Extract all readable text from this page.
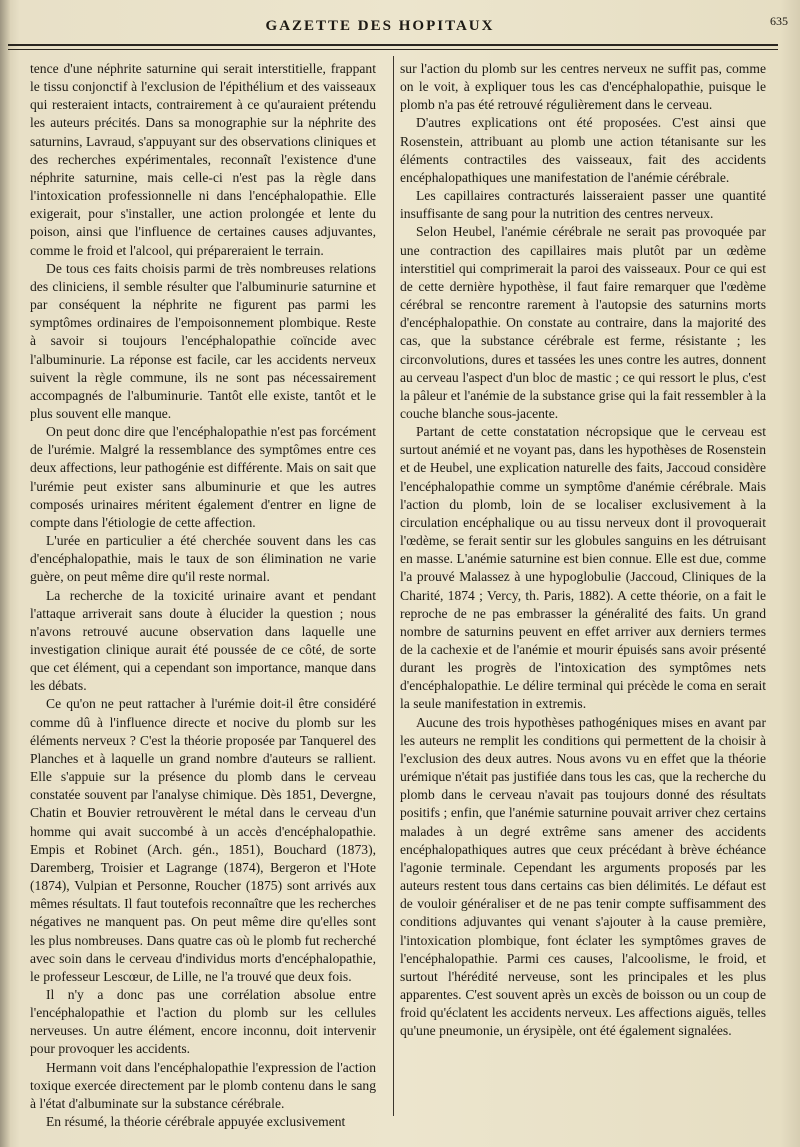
GAZETTE DES HOPITAUX	635

tence d'une néphrite saturnine qui serait interstitielle, frappant le tissu conjonctif à l'exclusion de l'épithélium et des vaisseaux qui resteraient intacts, contrairement à ce qu'auraient prétendu les auteurs précités. Dans sa monographie sur la néphrite des saturnins, Lavraud, s'appuyant sur des observations cliniques et des recherches expérimentales, reconnaît l'existence d'une néphrite saturnine, mais celle-ci n'est pas la règle dans l'intoxication professionnelle ni dans l'encéphalopathie. Elle exigerait, pour s'installer, une action prolongée et lente du poison, ainsi que l'influence de certaines causes adjuvantes, comme le froid et l'alcool, qui prépareraient le terrain.

De tous ces faits choisis parmi de très nombreuses relations des cliniciens, il semble résulter que l'albuminurie saturnine et par conséquent la néphrite ne figurent pas parmi les symptômes ordinaires de l'empoisonnement plombique. Reste à savoir si toujours l'encéphalopathie coïncide avec l'albuminurie. La réponse est facile, car les accidents nerveux suivent la règle commune, ils ne sont pas nécessairement accompagnés de l'albuminurie. Tantôt elle existe, tantôt et le plus souvent elle manque.

On peut donc dire que l'encéphalopathie n'est pas forcément de l'urémie. Malgré la ressemblance des symptômes entre ces deux affections, leur pathogénie est différente. Mais on sait que l'urémie peut exister sans albuminurie et que les autres composés urinaires méritent également d'entrer en ligne de compte dans l'étiologie de cette affection.

L'urée en particulier a été cherchée souvent dans les cas d'encéphalopathie, mais le taux de son élimination ne varie guère, on peut même dire qu'il reste normal.

La recherche de la toxicité urinaire avant et pendant l'attaque arriverait sans doute à élucider la question ; nous n'avons retrouvé aucune observation dans laquelle une investigation clinique aurait été poussée de ce côté, de sorte que cet élément, qui a cependant son importance, manque dans les débats.

Ce qu'on ne peut rattacher à l'urémie doit-il être considéré comme dû à l'influence directe et nocive du plomb sur les éléments nerveux ? C'est la théorie proposée par Tanquerel des Planches et à laquelle un grand nombre d'auteurs se rallient. Elle s'appuie sur la présence du plomb dans le cerveau constatée souvent par l'analyse chimique. Dès 1851, Devergne, Chatin et Bouvier retrouvèrent le métal dans le cerveau d'un homme qui avait succombé à un accès d'encéphalopathie. Empis et Robinet (Arch. gén., 1851), Bouchard (1873), Daremberg, Troisier et Lagrange (1874), Bergeron et l'Hote (1874), Vulpian et Personne, Roucher (1875) sont arrivés aux mêmes résultats. Il faut toutefois reconnaître que les recherches négatives ne manquent pas. On peut même dire qu'elles sont les plus nombreuses. Dans quatre cas où le plomb fut recherché avec soin dans le cerveau d'individus morts d'encéphalopathie, le professeur Lescœur, de Lille, ne l'a trouvé que deux fois.

Il n'y a donc pas une corrélation absolue entre l'encéphalopathie et l'action du plomb sur les cellules nerveuses. Un autre élément, encore inconnu, doit intervenir pour provoquer les accidents.

Hermann voit dans l'encéphalopathie l'expression de l'action toxique exercée directement par le plomb contenu dans le sang à l'état d'albuminate sur la substance cérébrale.

En résumé, la théorie cérébrale appuyée exclusivement

sur l'action du plomb sur les centres nerveux ne suffit pas, comme on le voit, à expliquer tous les cas d'encéphalopathie, puisque le plomb n'a pas été retrouvé régulièrement dans le cerveau.

D'autres explications ont été proposées. C'est ainsi que Rosenstein, attribuant au plomb une action tétanisante sur les éléments contractiles des vaisseaux, fait des accidents encéphalopathiques une manifestation de l'anémie cérébrale.

Les capillaires contracturés laisseraient passer une quantité insuffisante de sang pour la nutrition des centres nerveux.

Selon Heubel, l'anémie cérébrale ne serait pas provoquée par une contraction des capillaires mais plutôt par un œdème interstitiel qui comprimerait la paroi des vaisseaux. Pour ce qui est de cette dernière hypothèse, il faut faire remarquer que l'œdème cérébral se rencontre rarement à l'autopsie des saturnins morts d'encéphalopathie. On constate au contraire, dans la majorité des cas, que la substance cérébrale est ferme, résistante ; les circonvolutions, dures et tassées les unes contre les autres, donnent au cerveau l'aspect d'un bloc de mastic ; ce qui ressort le plus, c'est la pâleur et l'anémie de la substance grise qui la fait ressembler à la couche blanche sous-jacente.

Partant de cette constatation nécropsique que le cerveau est surtout anémié et ne voyant pas, dans les hypothèses de Rosenstein et de Heubel, une explication naturelle des faits, Jaccoud considère l'encéphalopathie comme un symptôme d'anémie cérébrale. Mais l'action du plomb, loin de se localiser exclusivement à la circulation encéphalique ou au tissu nerveux dont il provoquerait l'œdème, se ferait sentir sur les globules sanguins en les détruisant en masse. L'anémie saturnine est bien connue. Elle est due, comme l'a prouvé Malassez à une hypoglobulie (Jaccoud, Cliniques de la Charité, 1874 ; Vercy, th. Paris, 1882). A cette théorie, on a fait le reproche de ne pas embrasser la généralité des faits. Un grand nombre de saturnins peuvent en effet arriver aux derniers termes de la cachexie et de l'anémie et mourir épuisés sans avoir présenté durant les progrès de l'intoxication des symptômes nets d'encéphalopathie. Le délire terminal qui précède le coma en serait la seule manifestation in extremis.

Aucune des trois hypothèses pathogéniques mises en avant par les auteurs ne remplit les conditions qui permettent de la choisir à l'exclusion des deux autres. Nous avons vu en effet que la théorie urémique n'était pas justifiée dans tous les cas, que la recherche du plomb dans le cerveau n'avait pas toujours donné des résultats positifs ; enfin, que l'anémie saturnine pouvait arriver chez certains malades à un degré extrême sans amener des accidents encéphalopathiques autres que ceux précédant à brève échéance l'agonie terminale. Cependant les arguments proposés par les auteurs restent tous dans certains cas bien délimités. Le défaut est de vouloir généraliser et de ne pas tenir compte suffisamment des conditions adjuvantes qui venant s'ajouter à la cause première, l'intoxication plombique, font éclater les symptômes graves de l'encéphalopathie. Parmi ces causes, l'alcoolisme, le froid, et surtout l'hérédité nerveuse, sont les principales et les plus apparentes. C'est souvent après un excès de boisson ou un coup de froid qu'éclatent les accidents nerveux. Les affections aiguës, telles qu'une pneumonie, un érysipèle, ont été également signalées.
